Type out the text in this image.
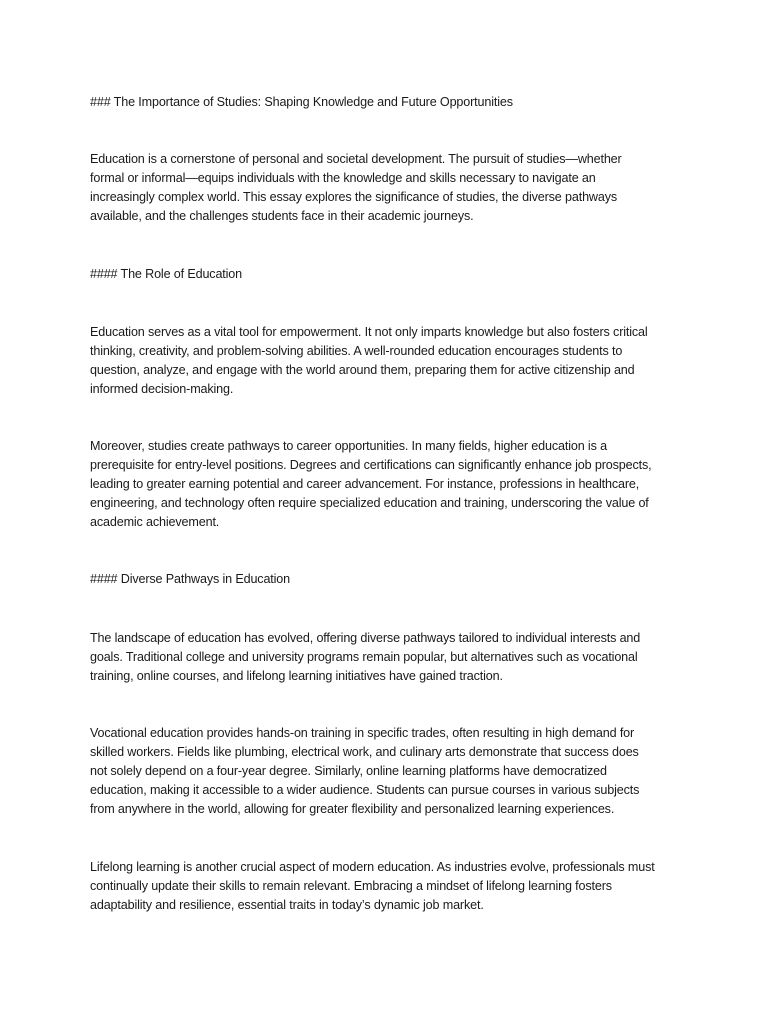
### The Importance of Studies: Shaping Knowledge and Future Opportunities
Education is a cornerstone of personal and societal development. The pursuit of studies—whether
formal or informal—equips individuals with the knowledge and skills necessary to navigate an
increasingly complex world. This essay explores the significance of studies, the diverse pathways
available, and the challenges students face in their academic journeys.
#### The Role of Education
Education serves as a vital tool for empowerment. It not only imparts knowledge but also fosters critical
thinking, creativity, and problem-solving abilities. A well-rounded education encourages students to
question, analyze, and engage with the world around them, preparing them for active citizenship and
informed decision-making.
Moreover, studies create pathways to career opportunities. In many fields, higher education is a
prerequisite for entry-level positions. Degrees and certifications can significantly enhance job prospects,
leading to greater earning potential and career advancement. For instance, professions in healthcare,
engineering, and technology often require specialized education and training, underscoring the value of
academic achievement.
#### Diverse Pathways in Education
The landscape of education has evolved, offering diverse pathways tailored to individual interests and
goals. Traditional college and university programs remain popular, but alternatives such as vocational
training, online courses, and lifelong learning initiatives have gained traction.
Vocational education provides hands-on training in specific trades, often resulting in high demand for
skilled workers. Fields like plumbing, electrical work, and culinary arts demonstrate that success does
not solely depend on a four-year degree. Similarly, online learning platforms have democratized
education, making it accessible to a wider audience. Students can pursue courses in various subjects
from anywhere in the world, allowing for greater flexibility and personalized learning experiences.
Lifelong learning is another crucial aspect of modern education. As industries evolve, professionals must
continually update their skills to remain relevant. Embracing a mindset of lifelong learning fosters
adaptability and resilience, essential traits in today’s dynamic job market.
